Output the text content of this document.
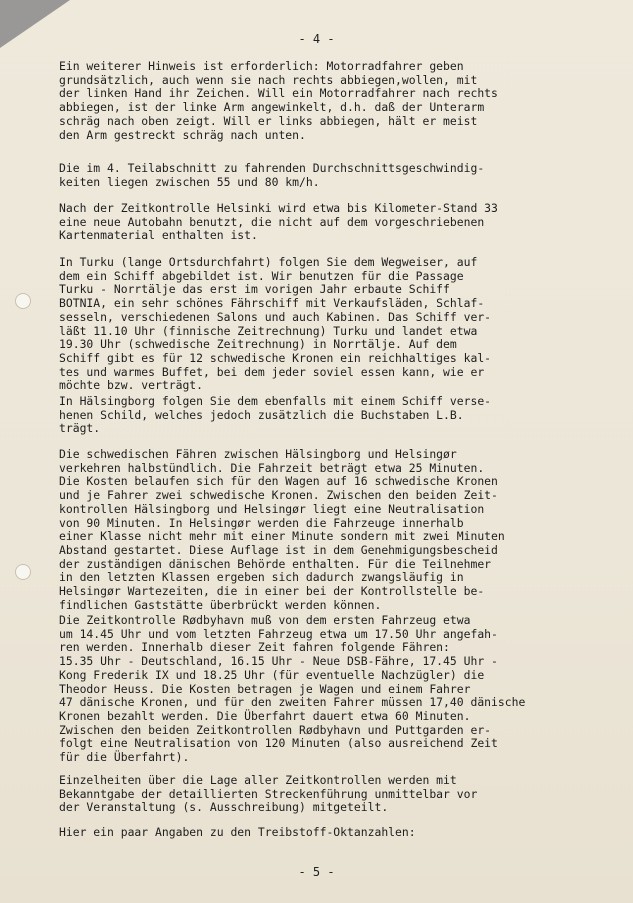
- 4 -

Ein weiterer Hinweis ist erforderlich: Motorradfahrer geben
grundsätzlich, auch wenn sie nach rechts abbiegen,wollen, mit
der linken Hand ihr Zeichen. Will ein Motorradfahrer nach rechts
abbiegen, ist der linke Arm angewinkelt, d.h. daß der Unterarm
schräg nach oben zeigt. Will er links abbiegen, hält er meist
den Arm gestreckt schräg nach unten.

Die im 4. Teilabschnitt zu fahrenden Durchschnittsgeschwindig-
keiten liegen zwischen 55 und 80 km/h.

Nach der Zeitkontrolle Helsinki wird etwa bis Kilometer-Stand 33
eine neue Autobahn benutzt, die nicht auf dem vorgeschriebenen
Kartenmaterial enthalten ist.

In Turku (lange Ortsdurchfahrt) folgen Sie dem Wegweiser, auf
dem ein Schiff abgebildet ist. Wir benutzen für die Passage
Turku - Norrtälje das erst im vorigen Jahr erbaute Schiff
BOTNIA, ein sehr schönes Fährschiff mit Verkaufsläden, Schlaf-
sesseln, verschiedenen Salons und auch Kabinen. Das Schiff ver-
läßt 11.10 Uhr (finnische Zeitrechnung) Turku und landet etwa
19.30 Uhr (schwedische Zeitrechnung) in Norrtälje. Auf dem
Schiff gibt es für 12 schwedische Kronen ein reichhaltiges kal-
tes und warmes Buffet, bei dem jeder soviel essen kann, wie er
möchte bzw. verträgt.

In Hälsingborg folgen Sie dem ebenfalls mit einem Schiff verse-
henen Schild, welches jedoch zusätzlich die Buchstaben L.B.
trägt.

Die schwedischen Fähren zwischen Hälsingborg und Helsingør
verkehren halbstündlich. Die Fahrzeit beträgt etwa 25 Minuten.
Die Kosten belaufen sich für den Wagen auf 16 schwedische Kronen
und je Fahrer zwei schwedische Kronen. Zwischen den beiden Zeit-
kontrollen Hälsingborg und Helsingør liegt eine Neutralisation
von 90 Minuten. In Helsingør werden die Fahrzeuge innerhalb
einer Klasse nicht mehr mit einer Minute sondern mit zwei Minuten
Abstand gestartet. Diese Auflage ist in dem Genehmigungsbescheid
der zuständigen dänischen Behörde enthalten. Für die Teilnehmer
in den letzten Klassen ergeben sich dadurch zwangsläufig in
Helsingør Wartezeiten, die in einer bei der Kontrollstelle be-
findlichen Gaststätte überbrückt werden können.

Die Zeitkontrolle Rødbyhavn muß von dem ersten Fahrzeug etwa
um 14.45 Uhr und vom letzten Fahrzeug etwa um 17.50 Uhr angefah-
ren werden. Innerhalb dieser Zeit fahren folgende Fähren:
15.35 Uhr - Deutschland, 16.15 Uhr - Neue DSB-Fähre, 17.45 Uhr -
Kong Frederik IX und 18.25 Uhr (für eventuelle Nachzügler) die
Theodor Heuss. Die Kosten betragen je Wagen und einem Fahrer
47 dänische Kronen, und für den zweiten Fahrer müssen 17,40 dänische
Kronen bezahlt werden. Die Überfahrt dauert etwa 60 Minuten.
Zwischen den beiden Zeitkontrollen Rødbyhavn und Puttgarden er-
folgt eine Neutralisation von 120 Minuten (also ausreichend Zeit
für die Überfahrt).

Einzelheiten über die Lage aller Zeitkontrollen werden mit
Bekanntgabe der detaillierten Streckenführung unmittelbar vor
der Veranstaltung (s. Ausschreibung) mitgeteilt.

Hier ein paar Angaben zu den Treibstoff-Oktanzahlen:

- 5 -
